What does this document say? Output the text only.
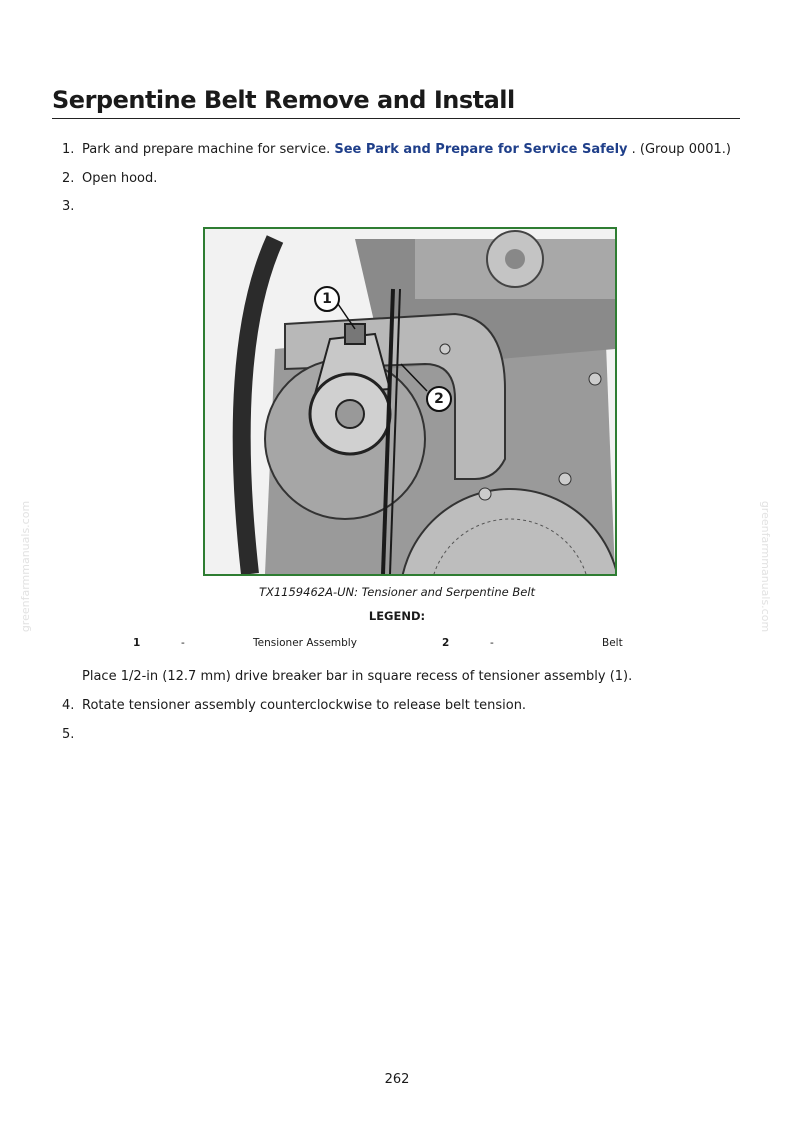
greenfarmmanuals.com	greenfarmmanuals.com
Serpentine Belt Remove and Install
1. Park and prepare machine for service. See Park and Prepare for Service Safely . (Group 0001.)
2. Open hood.
3.
1
2
TX1159462A-UN: Tensioner and Serpentine Belt
LEGEND:
1	-	Tensioner Assembly	2	-	Belt
Place 1/2-in (12.7 mm) drive breaker bar in square recess of tensioner assembly (1).
4. Rotate tensioner assembly counterclockwise to release belt tension.
5.
262
